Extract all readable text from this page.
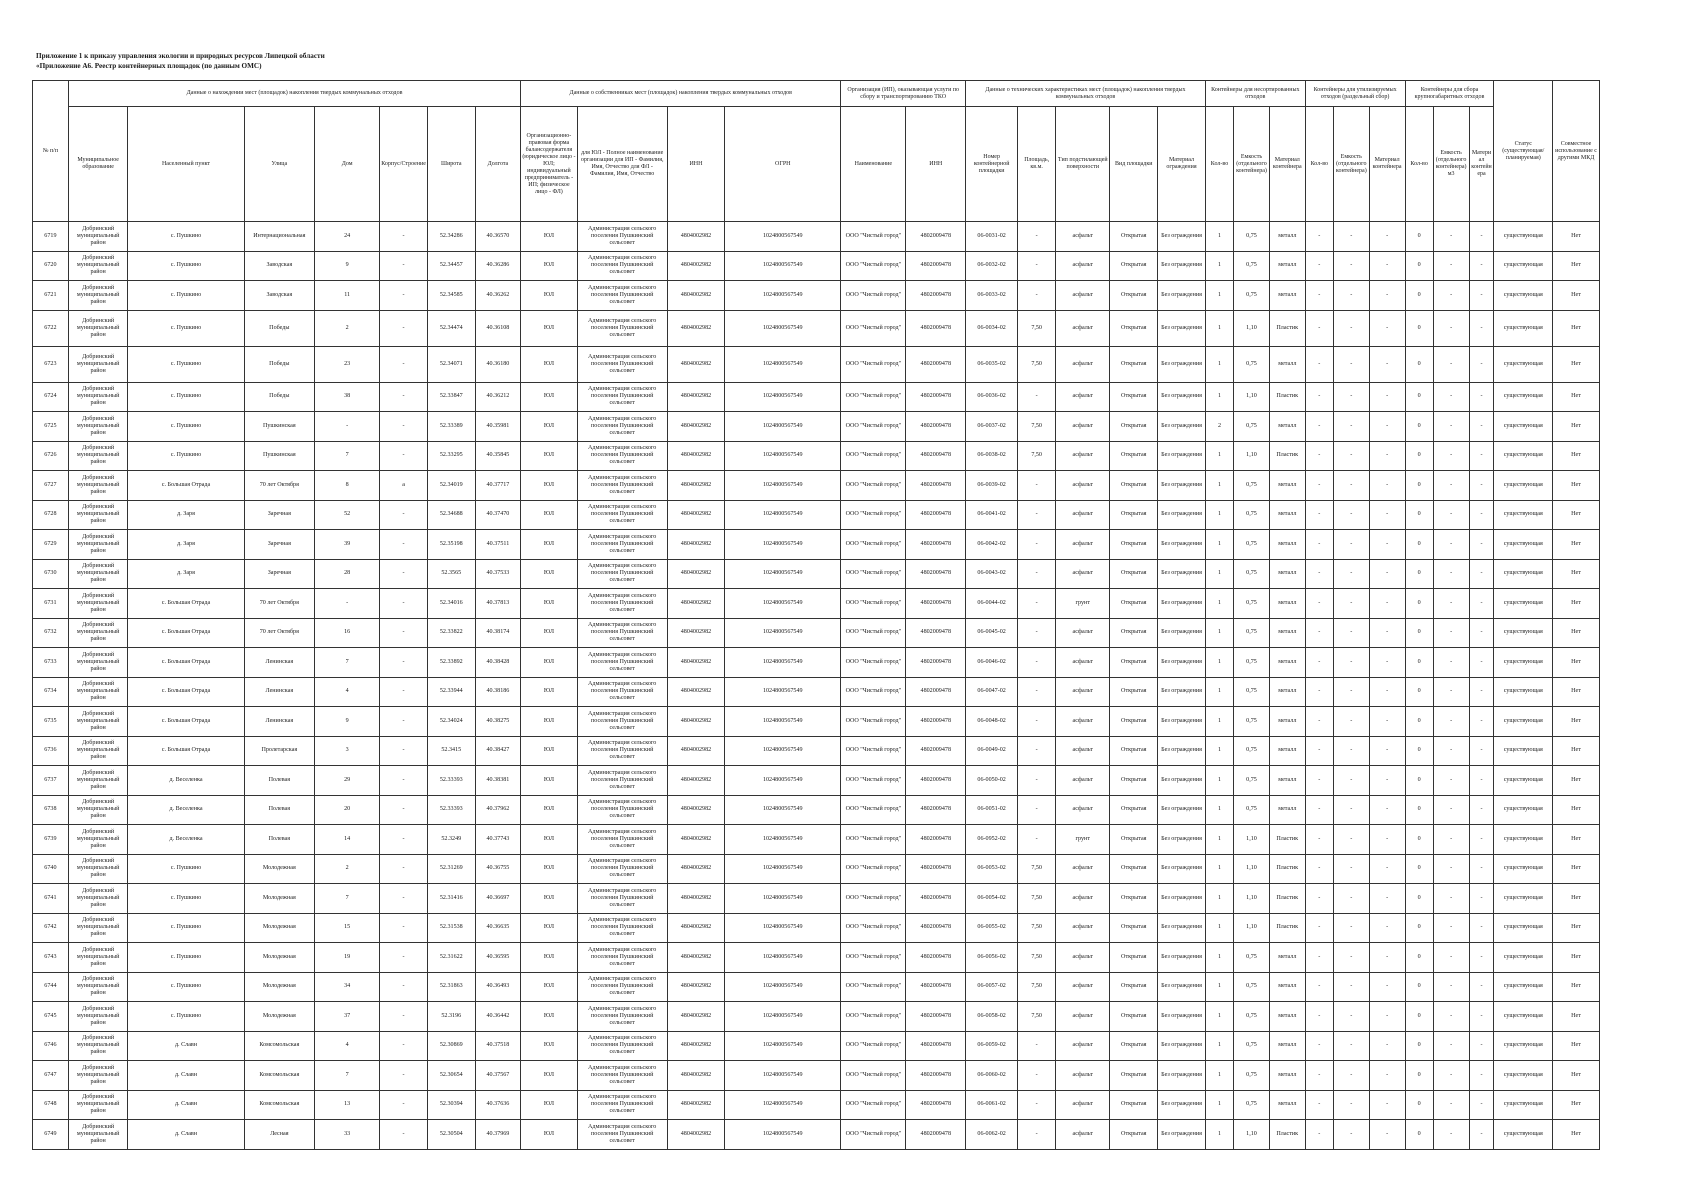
Приложение 1 к приказу управления экологии и природных ресурсов Липецкой области
«Приложение А6. Реестр контейнерных площадок (по данным ОМС)
№ п/п	Данные о нахождении мест (площадок) накопления твердых коммунальных отходов							Данные о собственниках мест (площадок) накопления твердых коммунальных отходов				Организация (ИП), оказывающая услуги по сбору и транспортированию ТКО		Данные о технических характеристиках мест (площадок) накопления твердых коммунальных отходов					Контейнеры для несортированных отходов			Контейнеры для утилизируемых отходов (раздельный сбор)			Контейнеры для сбора крупногабаритных отходов			Статус (существующая/ планируемая)	Совместное использование с другими МКД
	Муниципальное образование	Населенный пункт	Улица	Дом	Корпус/Строение	Широта	Долгота	Организационно-правовая форма балансодержателя (юридическое лицо - ЮЛ; индивидуальный предприниматель - ИП; физическое лицо - ФЛ)	для ЮЛ - Полное наименование организации для ИП - Фамилия, Имя, Отчество для ФЛ - Фамилия, Имя, Отчество	ИНН	ОГРН	Наименование	ИНН	Номер контейнерной площадки	Площадь, кв.м.	Тип подстилающей поверхности	Вид площадки	Материал ограждения	Кол-во	Емкость (отдельного контейнера)	Материал контейнера	Кол-во	Емкость (отдельного контейнера)	Материал контейнера	Кол-во	Емкость (отдельного контейнера) м3	Материал контейнера		
6719	Добринский муниципальный район	с. Пушкино	Интернациональная	24	-	52.34286	40.36570	ЮЛ	Администрация сельского поселения Пушкинский сельсовет	4804002982	1024800567549	ООО "Чистый город"	4802009478	06-0031-02	-	асфальт	Открытая	Без ограждения	1	0,75	металл	-	-	-	0	-	-	существующая	Нет
6720	Добринский муниципальный район	с. Пушкино	Заводская	9	-	52.34457	40.36286	ЮЛ	Администрация сельского поселения Пушкинский сельсовет	4804002982	1024800567549	ООО "Чистый город"	4802009478	06-0032-02	-	асфальт	Открытая	Без ограждения	1	0,75	металл	-	-	-	0	-	-	существующая	Нет
6721	Добринский муниципальный район	с. Пушкино	Заводская	11	-	52.34585	40.36262	ЮЛ	Администрация сельского поселения Пушкинский сельсовет	4804002982	1024800567549	ООО "Чистый город"	4802009478	06-0033-02	-	асфальт	Открытая	Без ограждения	1	0,75	металл	-	-	-	0	-	-	существующая	Нет
6722	Добринский муниципальный район	с. Пушкино	Победы	2	-	52.34474	40.36108	ЮЛ	Администрация сельского поселения Пушкинский сельсовет	4804002982	1024800567549	ООО "Чистый город"	4802009478	06-0034-02	7,50	асфальт	Открытая	Без ограждения	1	1,10	Пластик	-	-	-	0	-	-	существующая	Нет
6723	Добринский муниципальный район	с. Пушкино	Победы	23	-	52.34071	40.36180	ЮЛ	Администрация сельского поселения Пушкинский сельсовет	4804002982	1024800567549	ООО "Чистый город"	4802009478	06-0035-02	7,50	асфальт	Открытая	Без ограждения	1	0,75	металл	-	-	-	0	-	-	существующая	Нет
6724	Добринский муниципальный район	с. Пушкино	Победы	38	-	52.33847	40.36212	ЮЛ	Администрация сельского поселения Пушкинский сельсовет	4804002982	1024800567549	ООО "Чистый город"	4802009478	06-0036-02	-	асфальт	Открытая	Без ограждения	1	1,10	Пластик	-	-	-	0	-	-	существующая	Нет
6725	Добринский муниципальный район	с. Пушкино	Пушкинская	-	-	52.33389	40.35981	ЮЛ	Администрация сельского поселения Пушкинский сельсовет	4804002982	1024800567549	ООО "Чистый город"	4802009478	06-0037-02	7,50	асфальт	Открытая	Без ограждения	2	0,75	металл	-	-	-	0	-	-	существующая	Нет
6726	Добринский муниципальный район	с. Пушкино	Пушкинская	7	-	52.33295	40.35845	ЮЛ	Администрация сельского поселения Пушкинский сельсовет	4804002982	1024800567549	ООО "Чистый город"	4802009478	06-0038-02	7,50	асфальт	Открытая	Без ограждения	1	1,10	Пластик	-	-	-	0	-	-	существующая	Нет
6727	Добринский муниципальный район	с. Большая Отрада	70 лет Октября	8	а	52.34019	40.37717	ЮЛ	Администрация сельского поселения Пушкинский сельсовет	4804002982	1024800567549	ООО "Чистый город"	4802009478	06-0039-02	-	асфальт	Открытая	Без ограждения	1	0,75	металл	-	-	-	0	-	-	существующая	Нет
6728	Добринский муниципальный район	д. Заря	Заречная	52	-	52.34688	40.37470	ЮЛ	Администрация сельского поселения Пушкинский сельсовет	4804002982	1024800567549	ООО "Чистый город"	4802009478	06-0041-02	-	асфальт	Открытая	Без ограждения	1	0,75	металл	-	-	-	0	-	-	существующая	Нет
6729	Добринский муниципальный район	д. Заря	Заречная	39	-	52.35198	40.37511	ЮЛ	Администрация сельского поселения Пушкинский сельсовет	4804002982	1024800567549	ООО "Чистый город"	4802009478	06-0042-02	-	асфальт	Открытая	Без ограждения	1	0,75	металл	-	-	-	0	-	-	существующая	Нет
6730	Добринский муниципальный район	д. Заря	Заречная	28	-	52.3565	40.37533	ЮЛ	Администрация сельского поселения Пушкинский сельсовет	4804002982	1024800567549	ООО "Чистый город"	4802009478	06-0043-02	-	асфальт	Открытая	Без ограждения	1	0,75	металл	-	-	-	0	-	-	существующая	Нет
6731	Добринский муниципальный район	с. Большая Отрада	70 лет Октября	-	-	52.34016	40.37813	ЮЛ	Администрация сельского поселения Пушкинский сельсовет	4804002982	1024800567549	ООО "Чистый город"	4802009478	06-0044-02	-	грунт	Открытая	Без ограждения	1	0,75	металл	-	-	-	0	-	-	существующая	Нет
6732	Добринский муниципальный район	с. Большая Отрада	70 лет Октября	16	-	52.33822	40.38174	ЮЛ	Администрация сельского поселения Пушкинский сельсовет	4804002982	1024800567549	ООО "Чистый город"	4802009478	06-0045-02	-	асфальт	Открытая	Без ограждения	1	0,75	металл	-	-	-	0	-	-	существующая	Нет
6733	Добринский муниципальный район	с. Большая Отрада	Ленинская	7	-	52.33892	40.38428	ЮЛ	Администрация сельского поселения Пушкинский сельсовет	4804002982	1024800567549	ООО "Чистый город"	4802009478	06-0046-02	-	асфальт	Открытая	Без ограждения	1	0,75	металл	-	-	-	0	-	-	существующая	Нет
6734	Добринский муниципальный район	с. Большая Отрада	Ленинская	4	-	52.33944	40.38186	ЮЛ	Администрация сельского поселения Пушкинский сельсовет	4804002982	1024800567549	ООО "Чистый город"	4802009478	06-0047-02	-	асфальт	Открытая	Без ограждения	1	0,75	металл	-	-	-	0	-	-	существующая	Нет
6735	Добринский муниципальный район	с. Большая Отрада	Ленинская	9	-	52.34024	40.38275	ЮЛ	Администрация сельского поселения Пушкинский сельсовет	4804002982	1024800567549	ООО "Чистый город"	4802009478	06-0048-02	-	асфальт	Открытая	Без ограждения	1	0,75	металл	-	-	-	0	-	-	существующая	Нет
6736	Добринский муниципальный район	с. Большая Отрада	Пролетарская	3	-	52.3415	40.38427	ЮЛ	Администрация сельского поселения Пушкинский сельсовет	4804002982	1024800567549	ООО "Чистый город"	4802009478	06-0049-02	-	асфальт	Открытая	Без ограждения	1	0,75	металл	-	-	-	0	-	-	существующая	Нет
6737	Добринский муниципальный район	д. Веселенка	Полевая	29	-	52.33393	40.38381	ЮЛ	Администрация сельского поселения Пушкинский сельсовет	4804002982	1024800567549	ООО "Чистый город"	4802009478	06-0050-02	-	асфальт	Открытая	Без ограждения	1	0,75	металл	-	-	-	0	-	-	существующая	Нет
6738	Добринский муниципальный район	д. Веселенка	Полевая	20	-	52.33393	40.37962	ЮЛ	Администрация сельского поселения Пушкинский сельсовет	4804002982	1024800567549	ООО "Чистый город"	4802009478	06-0051-02	-	асфальт	Открытая	Без ограждения	1	0,75	металл	-	-	-	0	-	-	существующая	Нет
6739	Добринский муниципальный район	д. Веселенка	Полевая	14	-	52.3249	40.37743	ЮЛ	Администрация сельского поселения Пушкинский сельсовет	4804002982	1024800567549	ООО "Чистый город"	4802009478	06-0952-02	-	грунт	Открытая	Без ограждения	1	1,10	Пластик	-	-	-	0	-	-	существующая	Нет
6740	Добринский муниципальный район	с. Пушкино	Молодежная	2	-	52.31269	40.36755	ЮЛ	Администрация сельского поселения Пушкинский сельсовет	4804002982	1024800567549	ООО "Чистый город"	4802009478	06-0053-02	7,50	асфальт	Открытая	Без ограждения	1	1,10	Пластик	-	-	-	0	-	-	существующая	Нет
6741	Добринский муниципальный район	с. Пушкино	Молодежная	7	-	52.31416	40.36697	ЮЛ	Администрация сельского поселения Пушкинский сельсовет	4804002982	1024800567549	ООО "Чистый город"	4802009478	06-0054-02	7,50	асфальт	Открытая	Без ограждения	1	1,10	Пластик	-	-	-	0	-	-	существующая	Нет
6742	Добринский муниципальный район	с. Пушкино	Молодежная	15	-	52.31538	40.36635	ЮЛ	Администрация сельского поселения Пушкинский сельсовет	4804002982	1024800567549	ООО "Чистый город"	4802009478	06-0055-02	7,50	асфальт	Открытая	Без ограждения	1	1,10	Пластик	-	-	-	0	-	-	существующая	Нет
6743	Добринский муниципальный район	с. Пушкино	Молодежная	19	-	52.31622	40.36595	ЮЛ	Администрация сельского поселения Пушкинский сельсовет	4804002982	1024800567549	ООО "Чистый город"	4802009478	06-0056-02	7,50	асфальт	Открытая	Без ограждения	1	0,75	металл	-	-	-	0	-	-	существующая	Нет
6744	Добринский муниципальный район	с. Пушкино	Молодежная	34	-	52.31863	40.36493	ЮЛ	Администрация сельского поселения Пушкинский сельсовет	4804002982	1024800567549	ООО "Чистый город"	4802009478	06-0057-02	7,50	асфальт	Открытая	Без ограждения	1	0,75	металл	-	-	-	0	-	-	существующая	Нет
6745	Добринский муниципальный район	с. Пушкино	Молодежная	37	-	52.3196	40.36442	ЮЛ	Администрация сельского поселения Пушкинский сельсовет	4804002982	1024800567549	ООО "Чистый город"	4802009478	06-0058-02	7,50	асфальт	Открытая	Без ограждения	1	0,75	металл	-	-	-	0	-	-	существующая	Нет
6746	Добринский муниципальный район	д. Славн	Комсомольская	4	-	52.30869	40.37518	ЮЛ	Администрация сельского поселения Пушкинский сельсовет	4804002982	1024800567549	ООО "Чистый город"	4802009478	06-0059-02	-	асфальт	Открытая	Без ограждения	1	0,75	металл	-	-	-	0	-	-	существующая	Нет
6747	Добринский муниципальный район	д. Славн	Комсомольская	7	-	52.30654	40.37567	ЮЛ	Администрация сельского поселения Пушкинский сельсовет	4804002982	1024800567549	ООО "Чистый город"	4802009478	06-0060-02	-	асфальт	Открытая	Без ограждения	1	0,75	металл	-	-	-	0	-	-	существующая	Нет
6748	Добринский муниципальный район	д. Славн	Комсомольская	13	-	52.30394	40.37636	ЮЛ	Администрация сельского поселения Пушкинский сельсовет	4804002982	1024800567549	ООО "Чистый город"	4802009478	06-0061-02	-	асфальт	Открытая	Без ограждения	1	0,75	металл	-	-	-	0	-	-	существующая	Нет
6749	Добринский муниципальный район	д. Славн	Лесная	33	-	52.30504	40.37969	ЮЛ	Администрация сельского поселения Пушкинский сельсовет	4804002982	1024800567549	ООО "Чистый город"	4802009478	06-0062-02	-	асфальт	Открытая	Без ограждения	1	1,10	Пластик	-	-	-	0	-	-	существующая	Нет
